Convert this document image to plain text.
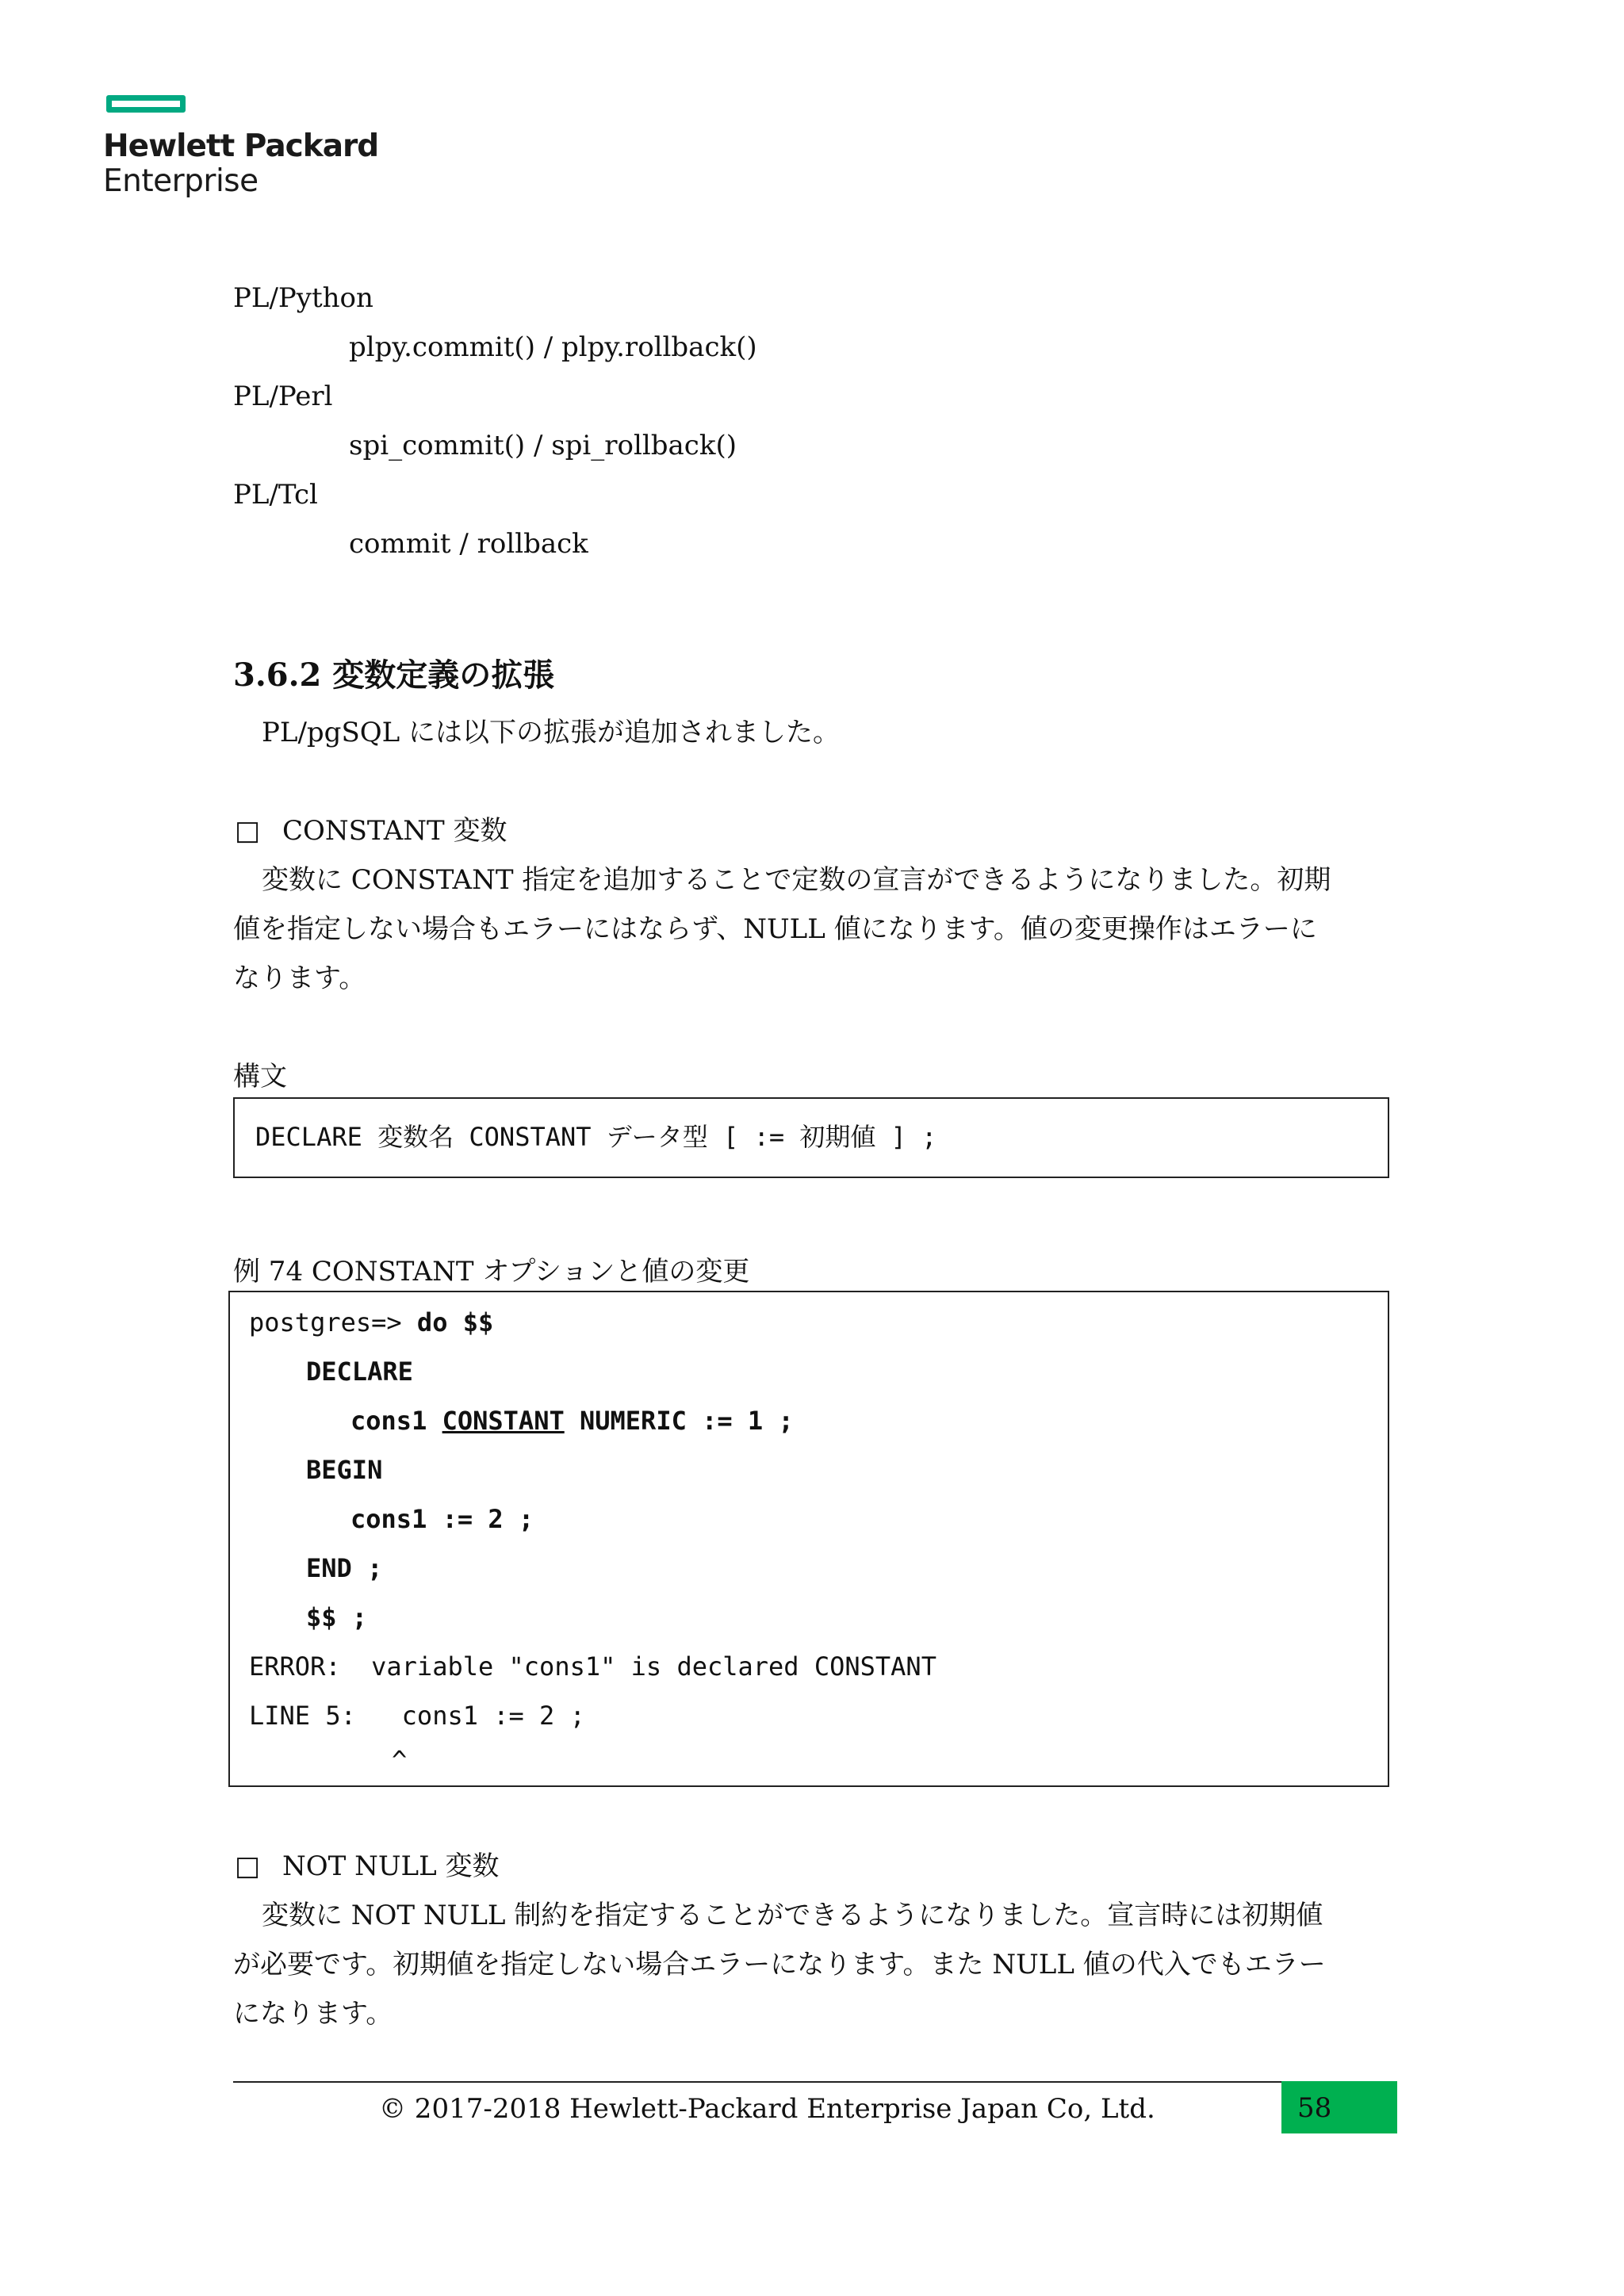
Hewlett Packard
Enterprise
PL/Python
plpy.commit() / plpy.rollback()
PL/Perl
spi_commit() / spi_rollback()
PL/Tcl
commit / rollback
3.6.2 変数定義の拡張
PL/pgSQL には以下の拡張が追加されました。
□ CONSTANT 変数
変数に CONSTANT 指定を追加することで定数の宣言ができるようになりました。初期
値を指定しない場合もエラーにはならず、NULL 値になります。値の変更操作はエラーに
なります。
構文
DECLARE 変数名 CONSTANT データ型 [ := 初期値 ] ;
例 74 CONSTANT オプションと値の変更
postgres=> do $$
DECLARE
cons1 CONSTANT NUMERIC := 1 ;
BEGIN
cons1 := 2 ;
END ;
$$ ;
ERROR:  variable "cons1" is declared CONSTANT
LINE 5:   cons1 := 2 ;
^
□ NOT NULL 変数
変数に NOT NULL 制約を指定することができるようになりました。宣言時には初期値
が必要です。初期値を指定しない場合エラーになります。また NULL 値の代入でもエラー
になります。
© 2017-2018 Hewlett-Packard Enterprise Japan Co, Ltd.	58
